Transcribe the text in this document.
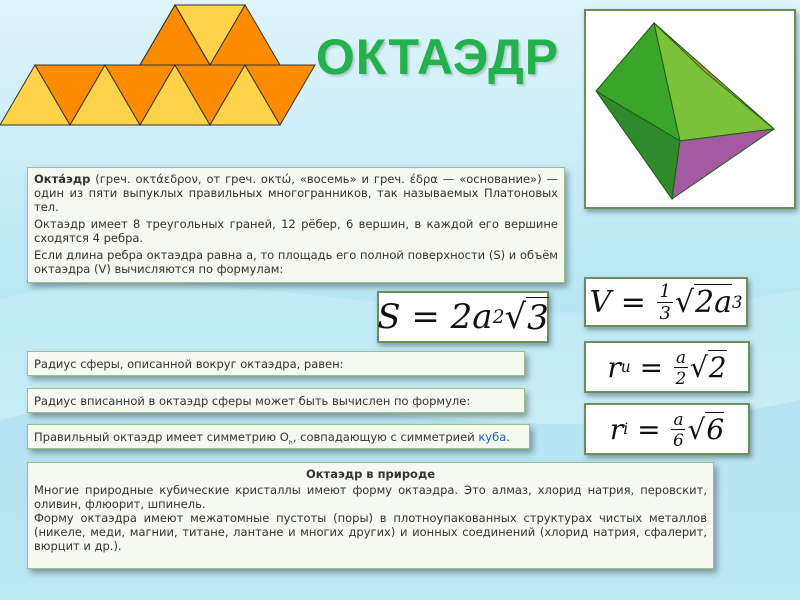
ОКТАЭДР

Окта́эдр (греч. οκτάεδρον, от греч. οκτώ, «восемь» и греч. έδρα — «основание») — один из пяти выпуклых правильных многогранников, так называемых Платоновых тел.

Октаэдр имеет 8 треугольных граней, 12 рёбер, 6 вершин, в каждой его вершине сходятся 4 ребра.

Если длина ребра октаэдра равна a, то площадь его полной поверхности (S) и объём октаэдра (V) вычисляются по формулам:

S = 2a 2 √ 3 $V = \frac{1}{3}$ √ 2a 3
r $u = \frac{a}{2}$ √ 2
r $i = \frac{a}{6}$ √ 6
Радиус сферы, описанной вокруг октаэдра, равен:
Радиус вписанной в октаэдр сферы может быть вычислен по формуле:
Правильный октаэдр имеет симметрию $O_h$, совпадающую с симметрией куба.
Октаэдр в природе

Многие природные кубические кристаллы имеют форму октаэдра. Это алмаз, хлорид натрия, перовскит, оливин, флюорит, шпинель.

Форму октаэдра имеют межатомные пустоты (поры) в плотноупакованных структурах чистых металлов (никеле, меди, магнии, титане, лантане и многих других) и ионных соединений (хлорид натрия, сфалерит, вюрцит и др.).
